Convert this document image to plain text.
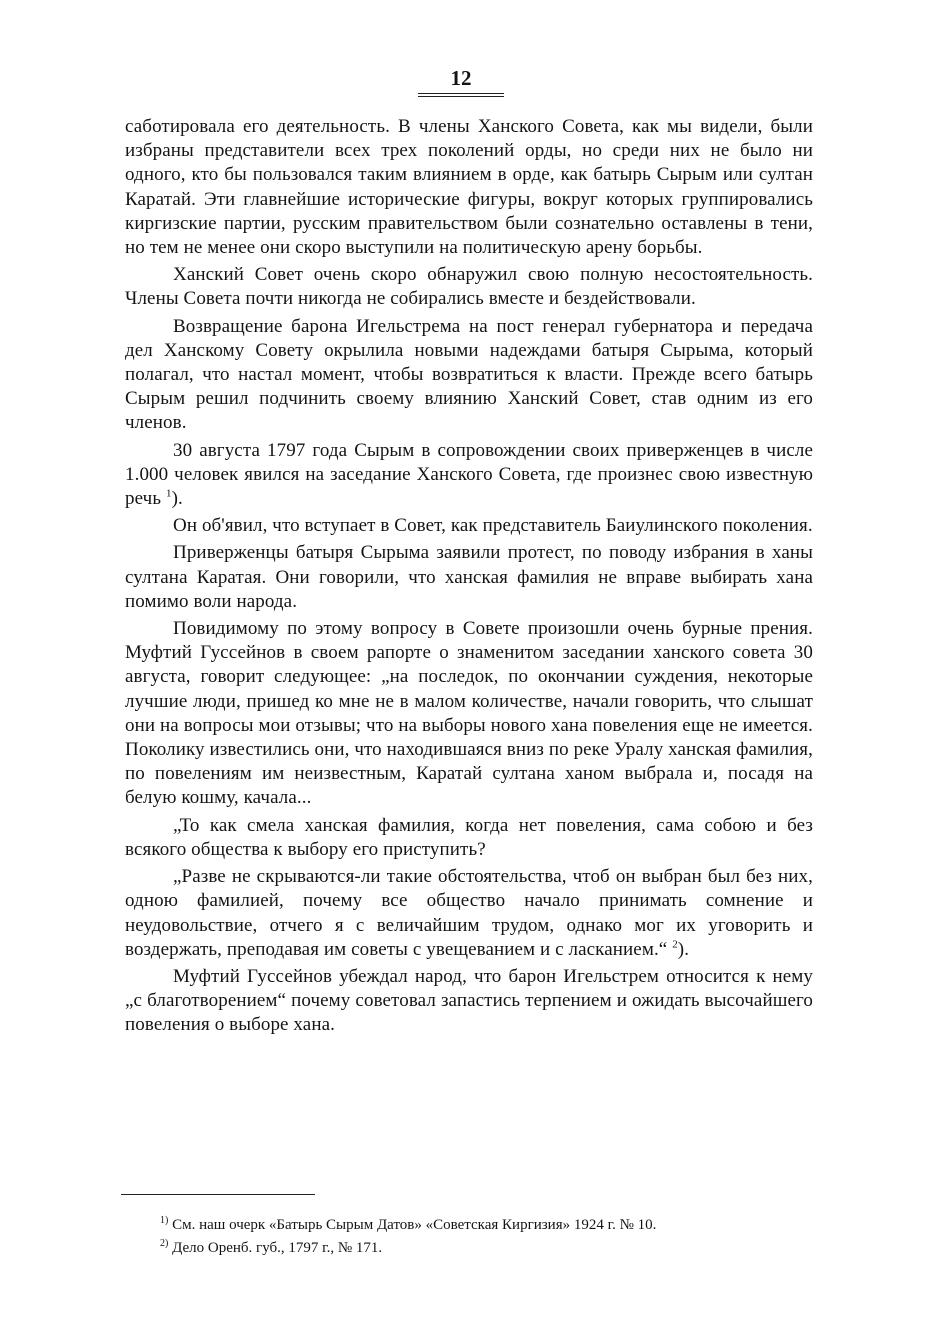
12

саботировала его деятельность. В члены Ханского Совета, как мы видели, были избраны представители всех трех поколений орды, но среди них не было ни одного, кто бы пользовался таким влиянием в орде, как батырь Сырым или султан Каратай. Эти главнейшие исторические фигуры, вокруг которых группировались киргизские партии, русским правительством были сознательно оставлены в тени, но тем не менее они скоро выступили на политическую арену борьбы.

Ханский Совет очень скоро обнаружил свою полную несостоятельность. Члены Совета почти никогда не собирались вместе и бездействовали.

Возвращение барона Игельстрема на пост генерал губернатора и передача дел Ханскому Совету окрылила новыми надеждами батыря Сырыма, который полагал, что настал момент, чтобы возвратиться к власти. Прежде всего батырь Сырым решил подчинить своему влиянию Ханский Совет, став одним из его членов.

30 августа 1797 года Сырым в сопровождении своих приверженцев в числе 1.000 человек явился на заседание Ханского Совета, где произнес свою известную речь $^1$).

Он об'явил, что вступает в Совет, как представитель Баиулинского поколения.

Приверженцы батыря Сырыма заявили протест, по поводу избрания в ханы султана Каратая. Они говорили, что ханская фамилия не вправе выбирать хана помимо воли народа.

Повидимому по этому вопросу в Совете произошли очень бурные прения. Муфтий Гуссейнов в своем рапорте о знаменитом заседании ханского совета 30 августа, говорит следующее: „на последок, по окончании суждения, некоторые лучшие люди, пришед ко мне не в малом количестве, начали говорить, что слышат они на вопросы мои отзывы; что на выборы нового хана повеления еще не имеется. Поколику известились они, что находившаяся вниз по реке Уралу ханская фамилия, по повелениям им неизвестным, Каратай султана ханом выбрала и, посадя на белую кошму, качала...

„То как смела ханская фамилия, когда нет повеления, сама собою и без всякого общества к выбору его приступить?

„Разве не скрываются-ли такие обстоятельства, чтоб он выбран был без них, одною фамилией, почему все общество начало принимать сомнение и неудовольствие, отчего я с величайшим трудом, однако мог их уговорить и воздержать, преподавая им советы с увещеванием и с ласканием.“ $^2$).

Муфтий Гуссейнов убеждал народ, что барон Игельстрем относится к нему „с благотворением“ почему советовал запастись терпением и ожидать высочайшего повеления о выборе хана.

$^{1)}$ См. наш очерк «Батырь Сырым Датов» «Советская Киргизия» 1924 г. № 10.
$^{2)}$ Дело Оренб. губ., 1797 г., № 171.
